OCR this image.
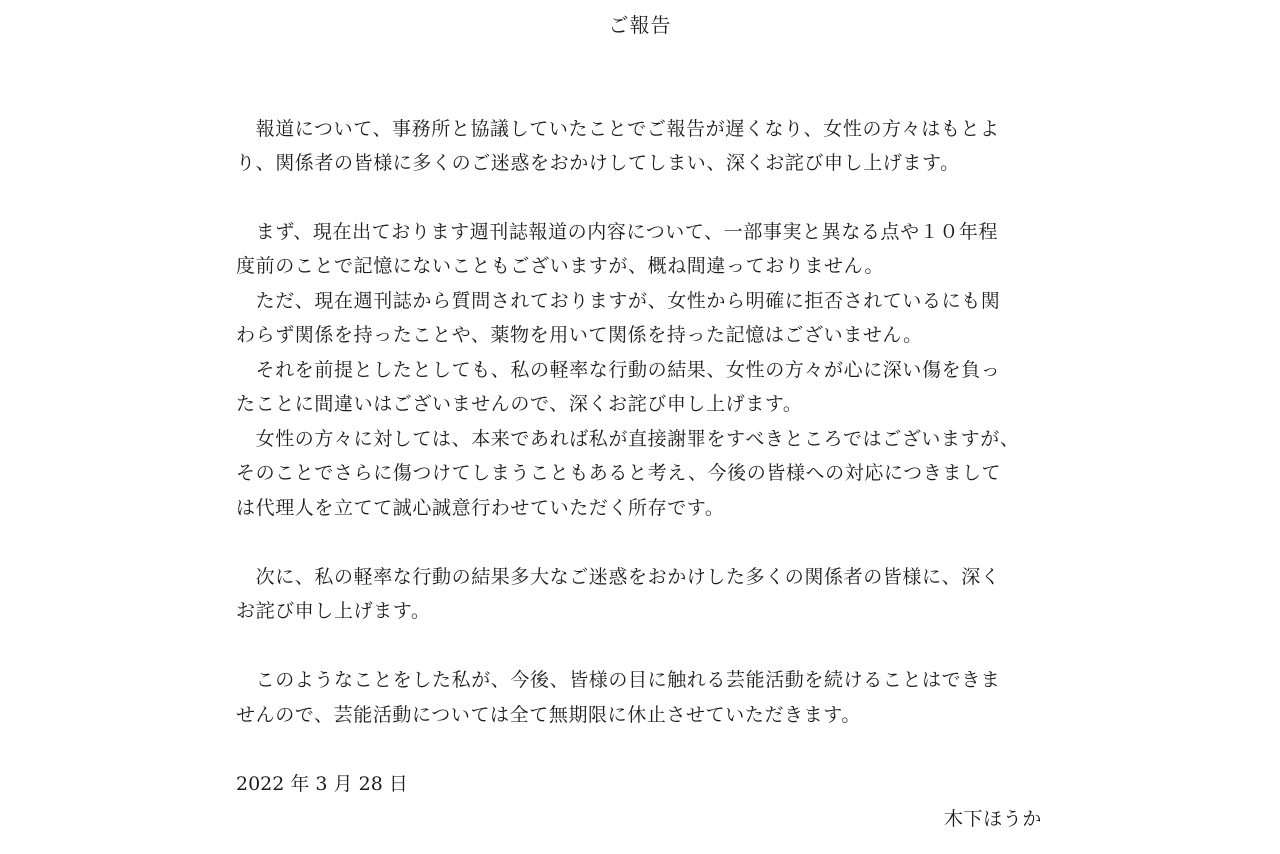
ご報告
　報道について、事務所と協議していたことでご報告が遅くなり、女性の方々はもとよ
り、関係者の皆様に多くのご迷惑をおかけしてしまい、深くお詫び申し上げます。
　まず、現在出ております週刊誌報道の内容について、一部事実と異なる点や１０年程
度前のことで記憶にないこともございますが、概ね間違っておりません。
　ただ、現在週刊誌から質問されておりますが、女性から明確に拒否されているにも関
わらず関係を持ったことや、薬物を用いて関係を持った記憶はございません。
　それを前提としたとしても、私の軽率な行動の結果、女性の方々が心に深い傷を負っ
たことに間違いはございませんので、深くお詫び申し上げます。
　女性の方々に対しては、本来であれば私が直接謝罪をすべきところではございますが、
そのことでさらに傷つけてしまうこともあると考え、今後の皆様への対応につきまして
は代理人を立てて誠心誠意行わせていただく所存です。
　次に、私の軽率な行動の結果多大なご迷惑をおかけした多くの関係者の皆様に、深く
お詫び申し上げます。
　このようなことをした私が、今後、皆様の目に触れる芸能活動を続けることはできま
せんので、芸能活動については全て無期限に休止させていただきます。
2022 年 3 月 28 日
木下ほうか
